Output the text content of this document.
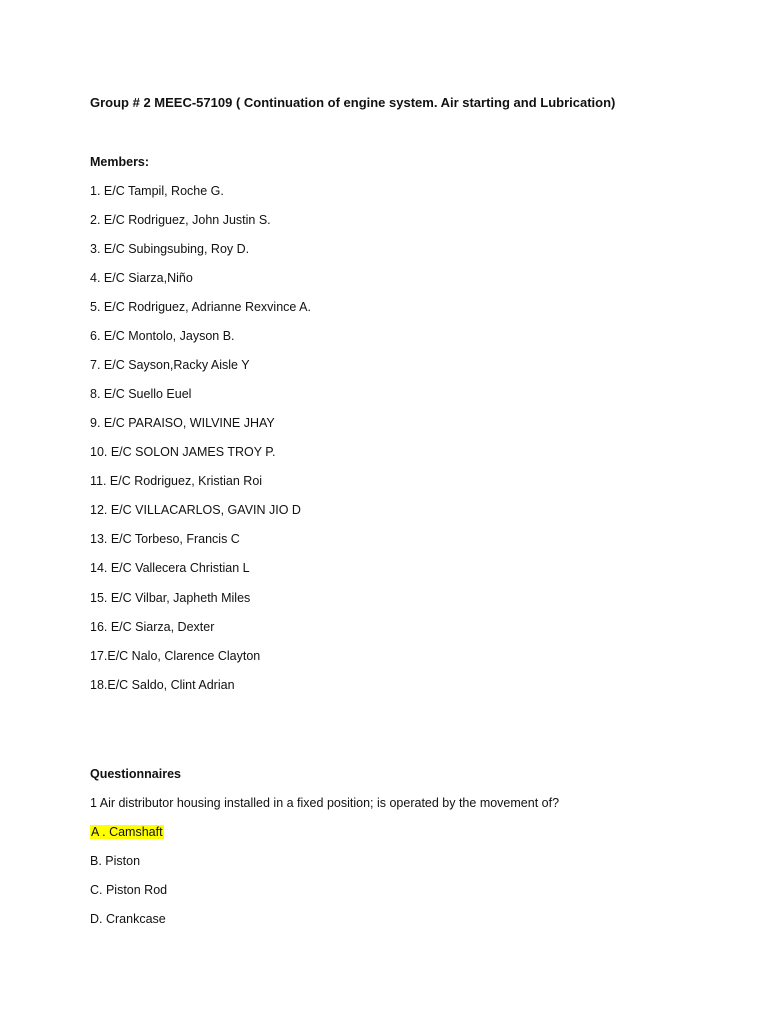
Group # 2 MEEC-57109 ( Continuation of engine system. Air starting and Lubrication)
Members:
1. E/C Tampil, Roche G.
2. E/C Rodriguez, John Justin S.
3. E/C Subingsubing, Roy D.
4. E/C Siarza,Niño
5. E/C Rodriguez, Adrianne Rexvince A.
6. E/C Montolo, Jayson B.
7. E/C Sayson,Racky Aisle Y
8. E/C Suello Euel
9. E/C PARAISO, WILVINE JHAY
10. E/C SOLON JAMES TROY P.
11. E/C Rodriguez, Kristian Roi
12. E/C VILLACARLOS, GAVIN JIO D
13. E/C Torbeso, Francis C
14. E/C Vallecera Christian L
15. E/C Vilbar, Japheth Miles
16. E/C Siarza, Dexter
17.E/C Nalo, Clarence Clayton
18.E/C Saldo, Clint Adrian
Questionnaires
1 Air distributor housing installed in a fixed position; is operated by the movement of?
A . Camshaft
B. Piston
C. Piston Rod
D. Crankcase
